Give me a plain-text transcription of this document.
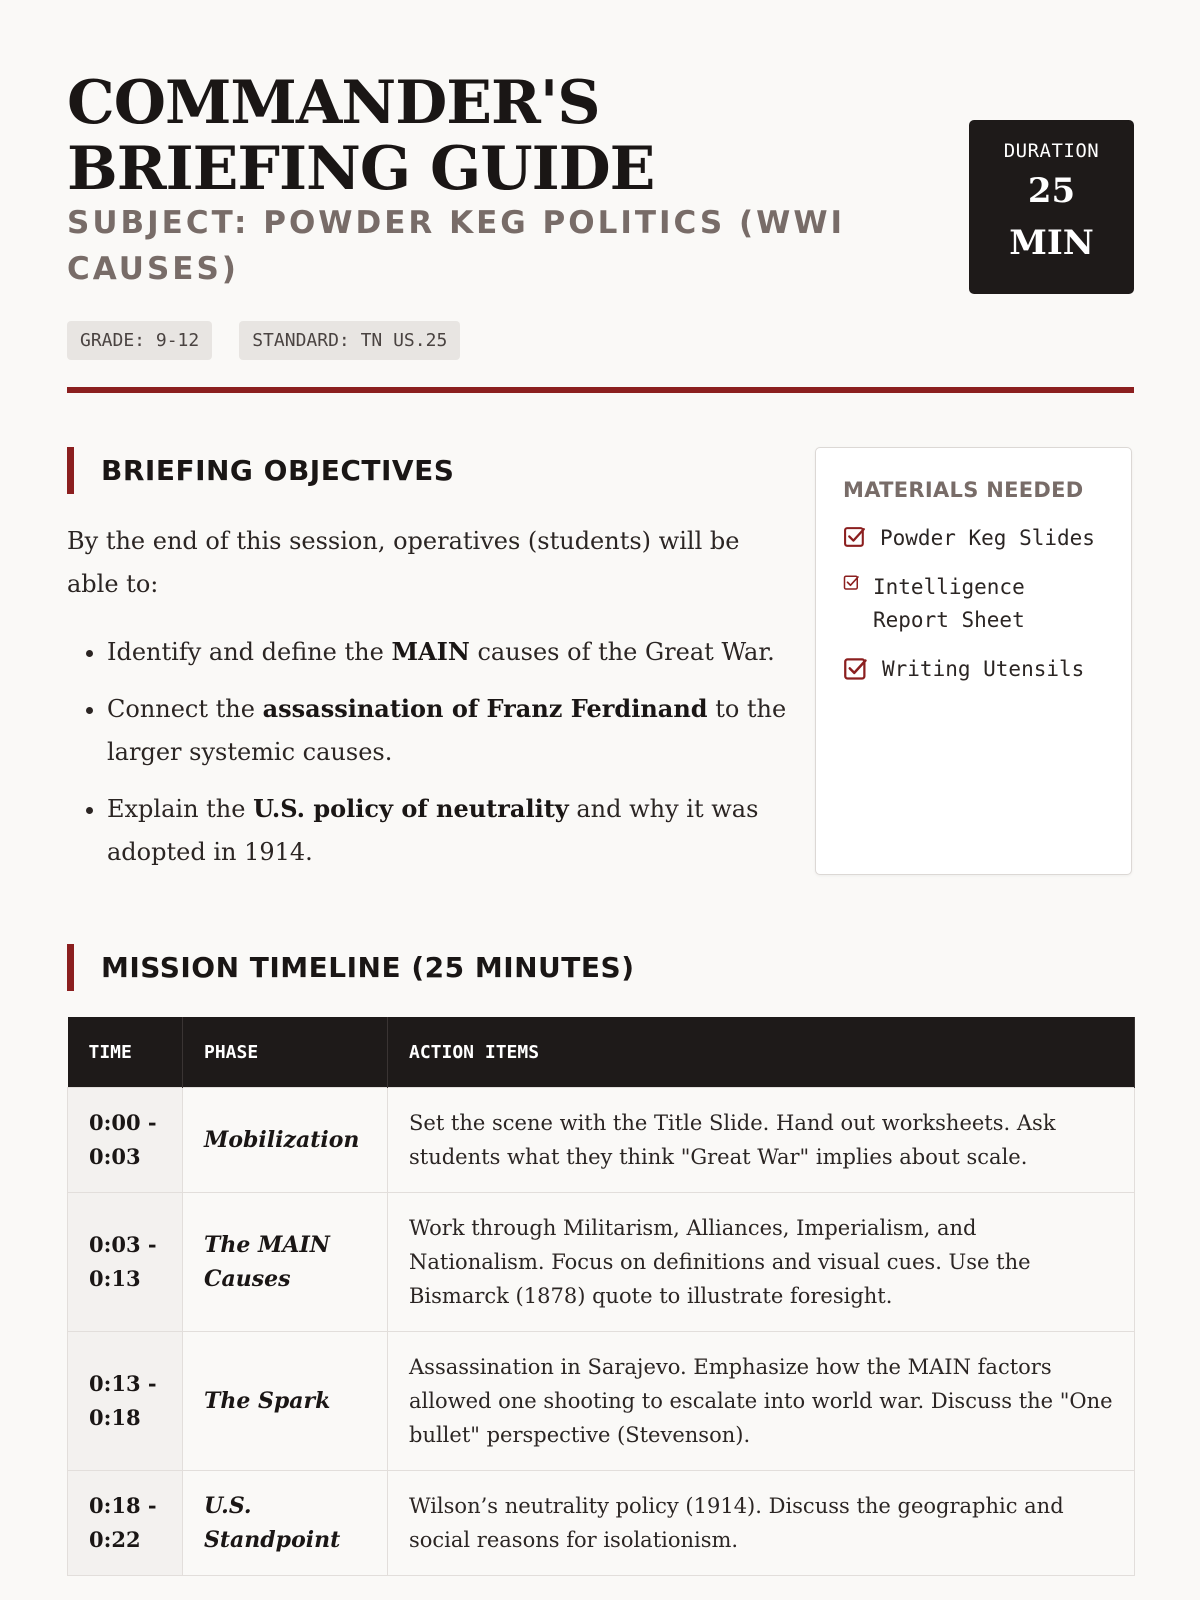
COMMANDER'S BRIEFING GUIDE
SUBJECT: POWDER KEG POLITICS (WWI CAUSES)
GRADE: 9-12	STANDARD: TN US.25
DURATION
25
MIN
BRIEFING OBJECTIVES

By the end of this session, operatives (students) will be able to:

• Identify and define the MAIN causes of the Great War.
• Connect the assassination of Franz Ferdinand to the larger systemic causes.
• Explain the U.S. policy of neutrality and why it was adopted in 1914.
MATERIALS NEEDED
Powder Keg Slides
Intelligence Report Sheet
Writing Utensils
MISSION TIMELINE (25 MINUTES)
TIME	PHASE	ACTION ITEMS
0:00 - 0:03	Mobilization	Set the scene with the Title Slide. Hand out worksheets. Ask students what they think "Great War" implies about scale.
0:03 - 0:13	The MAIN Causes	Work through Militarism, Alliances, Imperialism, and Nationalism. Focus on definitions and visual cues. Use the Bismarck (1878) quote to illustrate foresight.
0:13 - 0:18	The Spark	Assassination in Sarajevo. Emphasize how the MAIN factors allowed one shooting to escalate into world war. Discuss the "One bullet" perspective (Stevenson).
0:18 - 0:22	U.S. Standpoint	Wilson’s neutrality policy (1914). Discuss the geographic and social reasons for isolationism.
